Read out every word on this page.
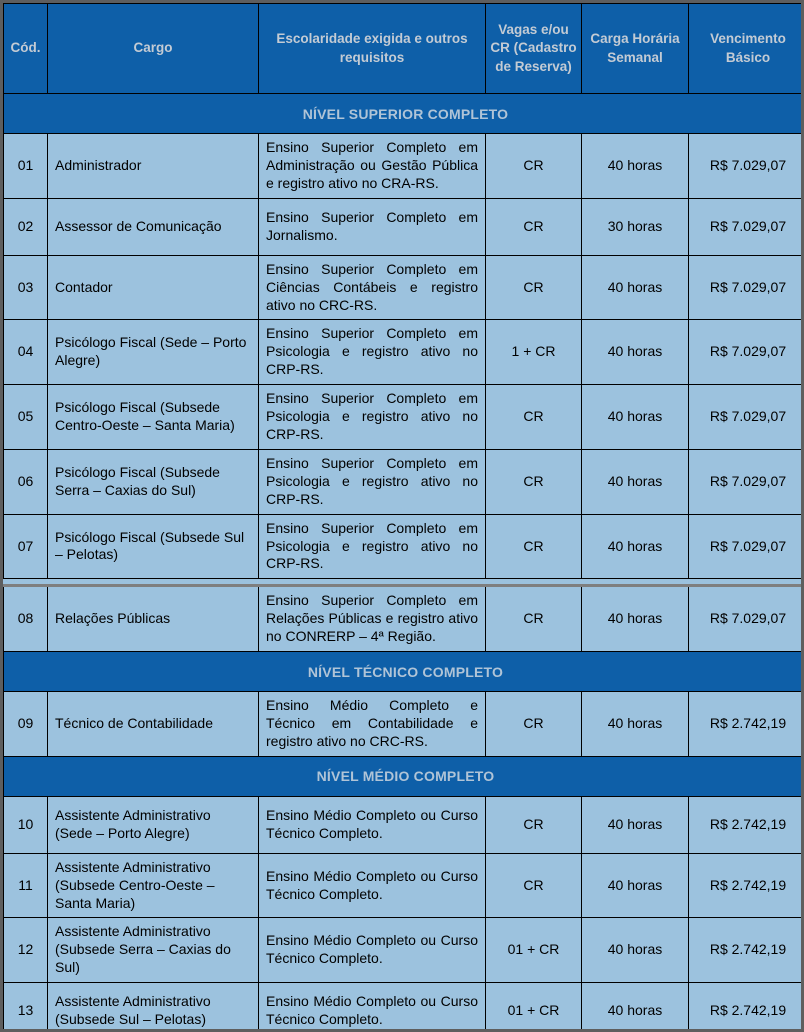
Cód.	Cargo	Escolaridade exigida e outros requisitos	Vagas e/ou CR (Cadastro de Reserva)	Carga Horária Semanal	Vencimento Básico
NÍVEL SUPERIOR COMPLETO					
01	Administrador	Ensino Superior Completo em Administração ou Gestão Pública e registro ativo no CRA-RS.	CR	40 horas	R$ 7.029,07
02	Assessor de Comunicação	Ensino Superior Completo em Jornalismo.	CR	30 horas	R$ 7.029,07
03	Contador	Ensino Superior Completo em Ciências Contábeis e registro ativo no CRC-RS.	CR	40 horas	R$ 7.029,07
04	Psicólogo Fiscal (Sede – Porto Alegre)	Ensino Superior Completo em Psicologia e registro ativo no CRP-RS.	1 + CR	40 horas	R$ 7.029,07
05	Psicólogo Fiscal (Subsede Centro-Oeste – Santa Maria)	Ensino Superior Completo em Psicologia e registro ativo no CRP-RS.	CR	40 horas	R$ 7.029,07
06	Psicólogo Fiscal (Subsede Serra – Caxias do Sul)	Ensino Superior Completo em Psicologia e registro ativo no CRP-RS.	CR	40 horas	R$ 7.029,07
07	Psicólogo Fiscal (Subsede Sul – Pelotas)	Ensino Superior Completo em Psicologia e registro ativo no CRP-RS.	CR	40 horas	R$ 7.029,07

08	Relações Públicas	Ensino Superior Completo em Relações Públicas e registro ativo no CONRERP – 4ª Região.	CR	40 horas	R$ 7.029,07
NÍVEL TÉCNICO COMPLETO					
09	Técnico de Contabilidade	Ensino Médio Completo e Técnico em Contabilidade e registro ativo no CRC-RS.	CR	40 horas	R$ 2.742,19
NÍVEL MÉDIO COMPLETO					
10	Assistente Administrativo (Sede – Porto Alegre)	Ensino Médio Completo ou Curso Técnico Completo.	CR	40 horas	R$ 2.742,19
11	Assistente Administrativo (Subsede Centro-Oeste – Santa Maria)	Ensino Médio Completo ou Curso Técnico Completo.	CR	40 horas	R$ 2.742,19
12	Assistente Administrativo (Subsede Serra – Caxias do Sul)	Ensino Médio Completo ou Curso Técnico Completo.	01 + CR	40 horas	R$ 2.742,19
13	Assistente Administrativo (Subsede Sul – Pelotas)	Ensino Médio Completo ou Curso Técnico Completo.	01 + CR	40 horas	R$ 2.742,19
